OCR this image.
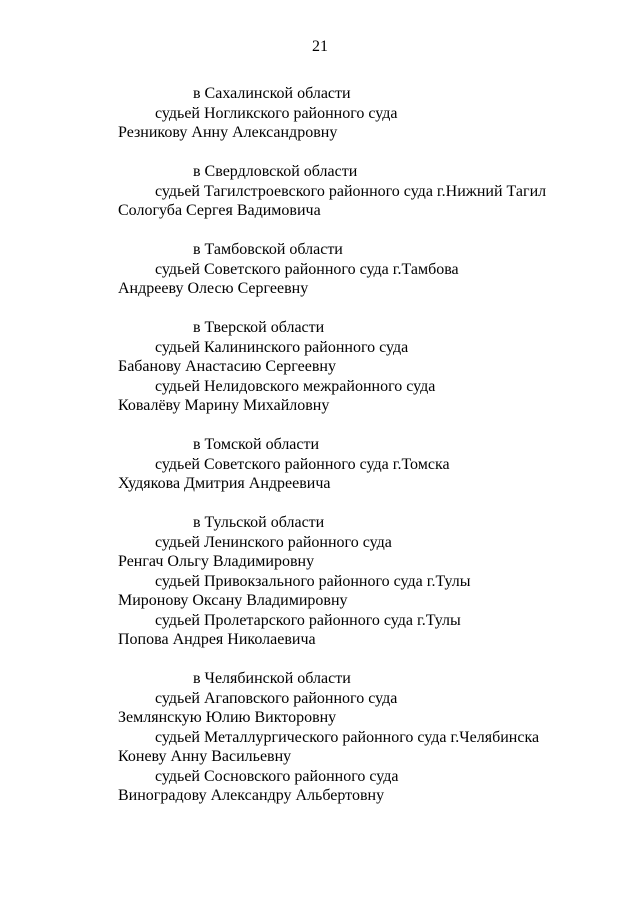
21
в Сахалинской области
судьей Ногликского районного суда
Резникову Анну Александровну
в Свердловской области
судьей Тагилстроевского районного суда г.Нижний Тагил
Сологуба Сергея Вадимовича
в Тамбовской области
судьей Советского районного суда г.Тамбова
Андрееву Олесю Сергеевну
в Тверской области
судьей Калининского районного суда
Бабанову Анастасию Сергеевну
судьей Нелидовского межрайонного суда
Ковалёву Марину Михайловну
в Томской области
судьей Советского районного суда г.Томска
Худякова Дмитрия Андреевича
в Тульской области
судьей Ленинского районного суда
Ренгач Ольгу Владимировну
судьей Привокзального районного суда г.Тулы
Миронову Оксану Владимировну
судьей Пролетарского районного суда г.Тулы
Попова Андрея Николаевича
в Челябинской области
судьей Агаповского районного суда
Землянскую Юлию Викторовну
судьей Металлургического районного суда г.Челябинска
Коневу Анну Васильевну
судьей Сосновского районного суда
Виноградову Александру Альбертовну
